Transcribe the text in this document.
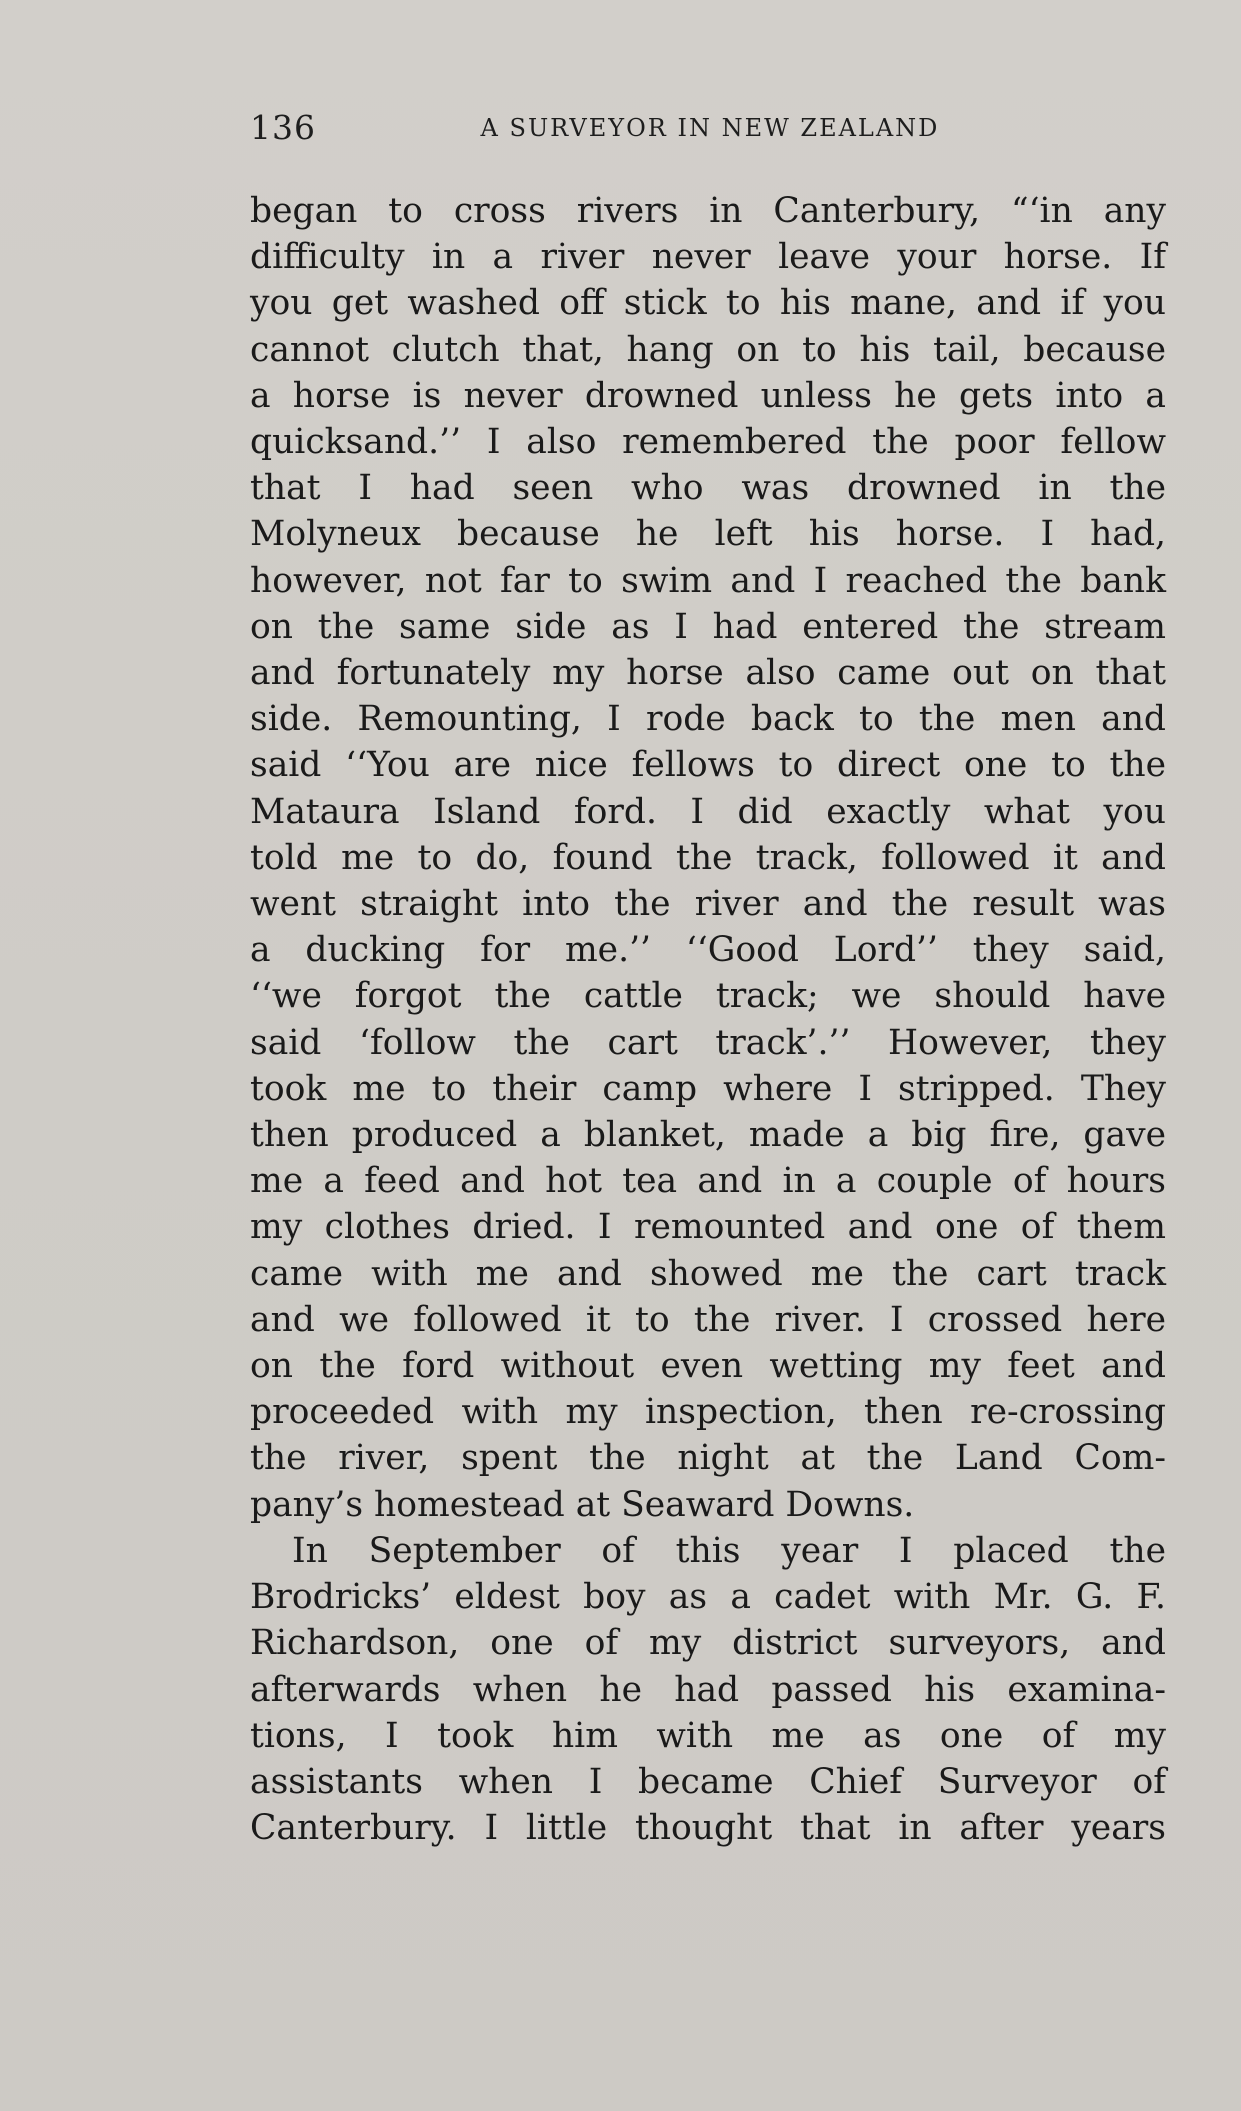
136	A SURVEYOR IN NEW ZEALAND
began to cross rivers in Canterbury, “‘in any
difficulty in a river never leave your horse. If
you get washed off stick to his mane, and if you
cannot clutch that, hang on to his tail, because
a horse is never drowned unless he gets into a
quicksand.’’ I also remembered the poor fellow
that I had seen who was drowned in the
Molyneux because he left his horse. I had,
however, not far to swim and I reached the bank
on the same side as I had entered the stream
and fortunately my horse also came out on that
side. Remounting, I rode back to the men and
said ‘‘You are nice fellows to direct one to the
Mataura Island ford. I did exactly what you
told me to do, found the track, followed it and
went straight into the river and the result was
a ducking for me.’’ ‘‘Good Lord’’ they said,
‘‘we forgot the cattle track; we should have
said ‘follow the cart track’.’’ However, they
took me to their camp where I stripped. They
then produced a blanket, made a big fire, gave
me a feed and hot tea and in a couple of hours
my clothes dried. I remounted and one of them
came with me and showed me the cart track
and we followed it to the river. I crossed here
on the ford without even wetting my feet and
proceeded with my inspection, then re-crossing
the river, spent the night at the Land Com-
pany’s homestead at Seaward Downs.
In September of this year I placed the
Brodricks’ eldest boy as a cadet with Mr. G. F.
Richardson, one of my district surveyors, and
afterwards when he had passed his examina-
tions, I took him with me as one of my
assistants when I became Chief Surveyor of
Canterbury. I little thought that in after years
